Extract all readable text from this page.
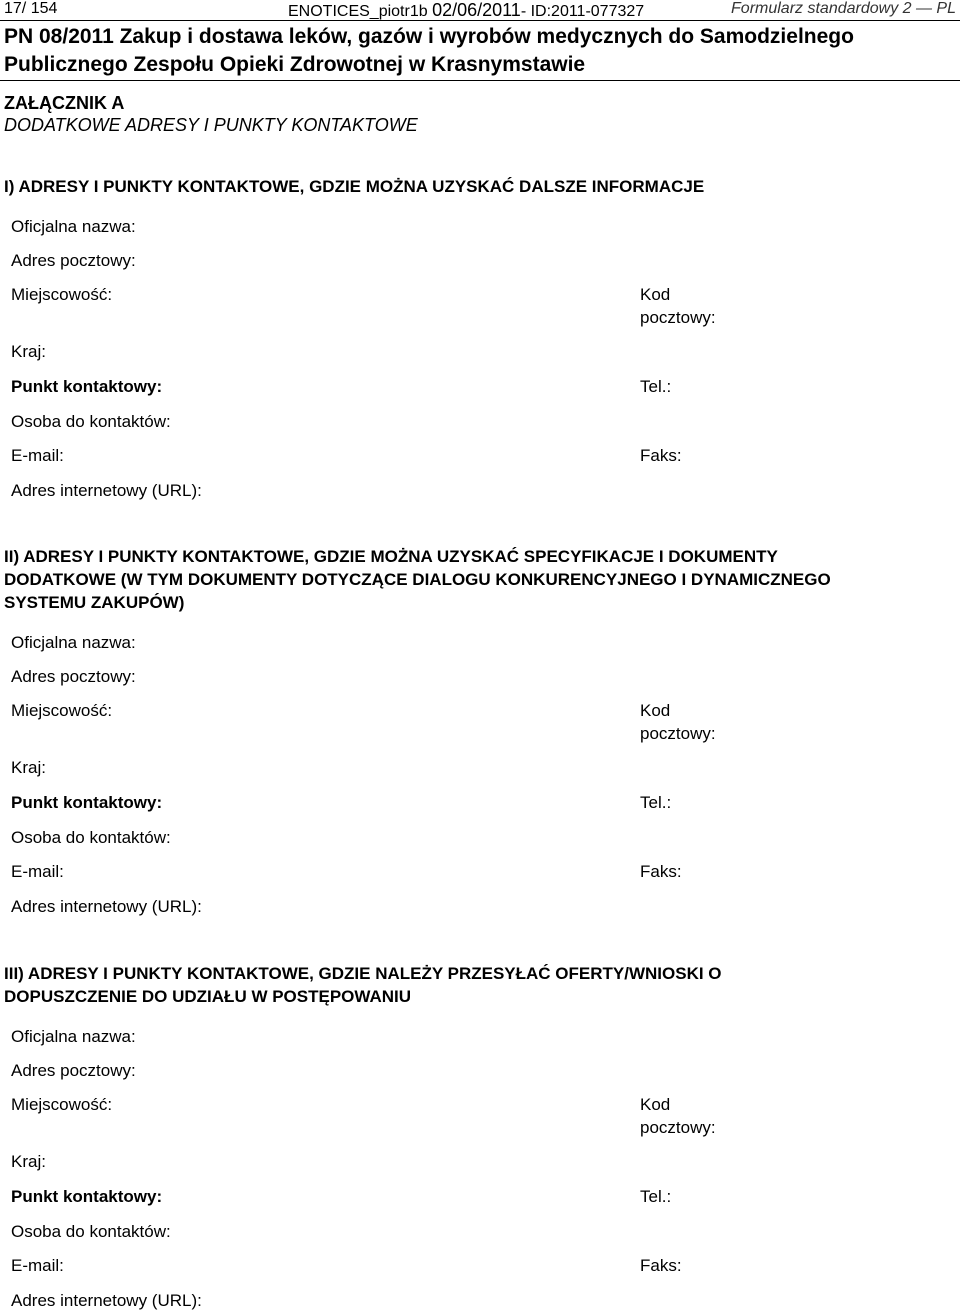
17/ 154	ENOTICES_piotr1b 02/06/2011- ID:2011-077327	Formularz standardowy 2 — PL
PN 08/2011 Zakup i dostawa leków, gazów i wyrobów medycznych do Samodzielnego
Publicznego Zespołu Opieki Zdrowotnej w Krasnymstawie
ZAŁĄCZNIK A
DODATKOWE ADRESY I PUNKTY KONTAKTOWE
I) ADRESY I PUNKTY KONTAKTOWE, GDZIE MOŻNA UZYSKAĆ DALSZE INFORMACJE
Oficjalna nazwa:
Adres pocztowy:
Miejscowość:	Kod
pocztowy:
Kraj:
Punkt kontaktowy:	Tel.:
Osoba do kontaktów:
E-mail:	Faks:
Adres internetowy (URL):
II) ADRESY I PUNKTY KONTAKTOWE, GDZIE MOŻNA UZYSKAĆ SPECYFIKACJE I DOKUMENTY
DODATKOWE (W TYM DOKUMENTY DOTYCZĄCE DIALOGU KONKURENCYJNEGO I DYNAMICZNEGO
SYSTEMU ZAKUPÓW)
Oficjalna nazwa:
Adres pocztowy:
Miejscowość:	Kod
pocztowy:
Kraj:
Punkt kontaktowy:	Tel.:
Osoba do kontaktów:
E-mail:	Faks:
Adres internetowy (URL):
III) ADRESY I PUNKTY KONTAKTOWE, GDZIE NALEŻY PRZESYŁAĆ OFERTY/WNIOSKI O
DOPUSZCZENIE DO UDZIAŁU W POSTĘPOWANIU
Oficjalna nazwa:
Adres pocztowy:
Miejscowość:	Kod
pocztowy:
Kraj:
Punkt kontaktowy:	Tel.:
Osoba do kontaktów:
E-mail:	Faks:
Adres internetowy (URL):
